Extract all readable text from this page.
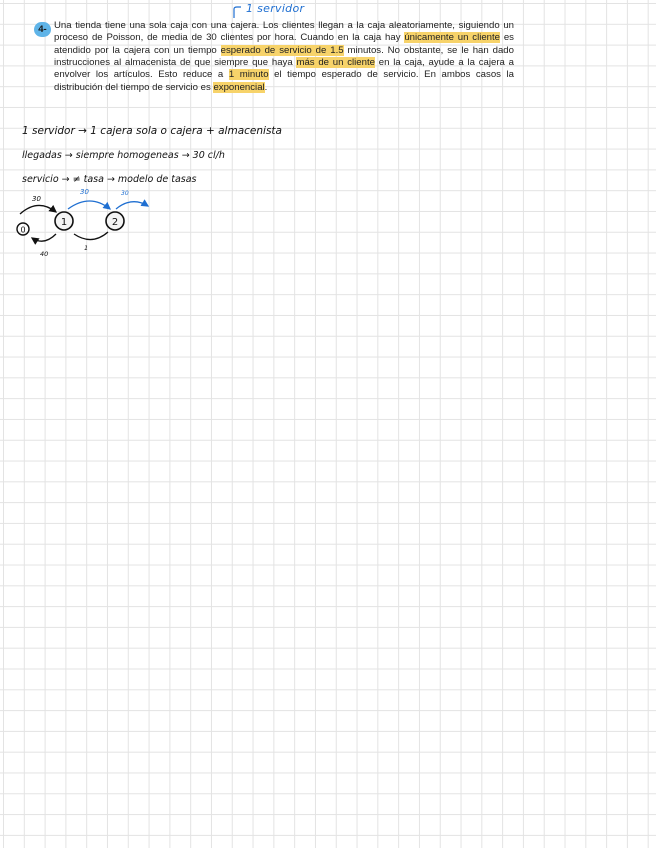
1 servidor
4- Una tienda tiene una sola caja con una cajera. Los clientes llegan a la caja aleatoriamente, siguiendo un proceso de Poisson, de media de 30 clientes por hora. Cuando en la caja hay únicamente un cliente es atendido por la cajera con un tiempo esperado de servicio de 1.5 minutos. No obstante, se le han dado instrucciones al almacenista de que siempre que haya más de un cliente en la caja, ayude a la cajera a envolver los artículos. Esto reduce a 1 minuto el tiempo esperado de servicio. En ambos casos la distribución del tiempo de servicio es exponencial.

1 servidor → 1 cajera sola o cajera + almacenista
llegadas → siempre homogeneas → 30 cl/h
servicio → ≠ tasa → modelo de tasas
0
1	2
30
30	30
40
1
